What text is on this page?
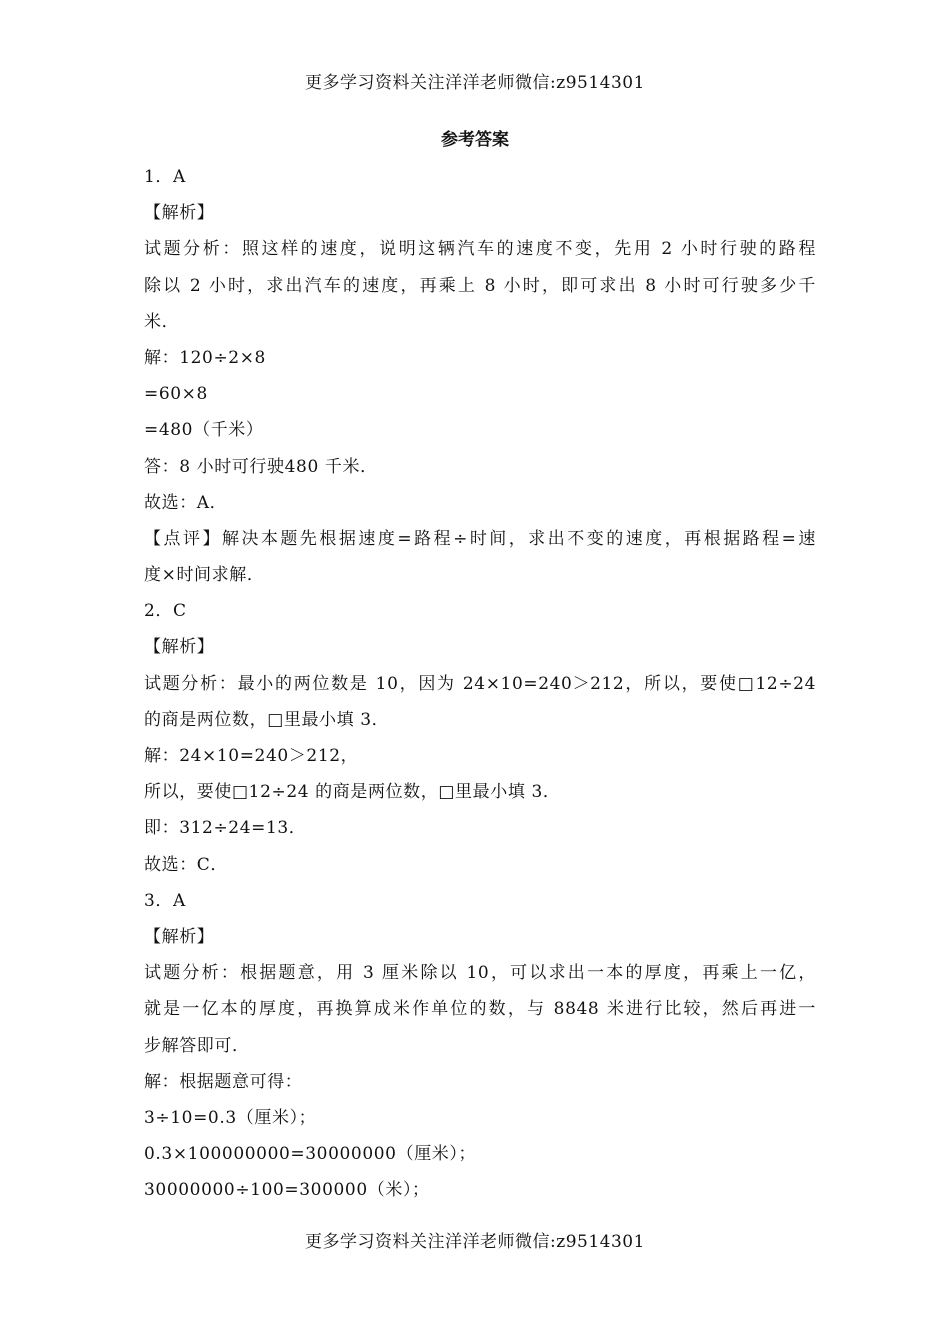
更多学习资料关注洋洋老师微信:z9514301
参考答案
1．A
【解析】
试题分析：照这样的速度，说明这辆汽车的速度不变，先用 2 小时行驶的路程
除以 2 小时，求出汽车的速度，再乘上 8 小时，即可求出 8 小时可行驶多少千
米．
解：120÷2×8
=60×8
=480（千米）
答：8 小时可行驶480 千米．
故选：A．
【点评】解决本题先根据速度=路程÷时间，求出不变的速度，再根据路程=速
度×时间求解．
2．C
【解析】
试题分析：最小的两位数是 10，因为 24×10=240＞212，所以，要使□12÷24
的商是两位数，□里最小填 3．
解：24×10=240＞212，
所以，要使□12÷24 的商是两位数，□里最小填 3．
即：312÷24=13．
故选：C．
3．A
【解析】
试题分析：根据题意，用 3 厘米除以 10，可以求出一本的厚度，再乘上一亿，
就是一亿本的厚度，再换算成米作单位的数，与 8848 米进行比较，然后再进一
步解答即可．
解：根据题意可得：
3÷10=0.3（厘米）；
0.3×100000000=30000000（厘米）；
30000000÷100=300000（米）；
更多学习资料关注洋洋老师微信:z9514301
